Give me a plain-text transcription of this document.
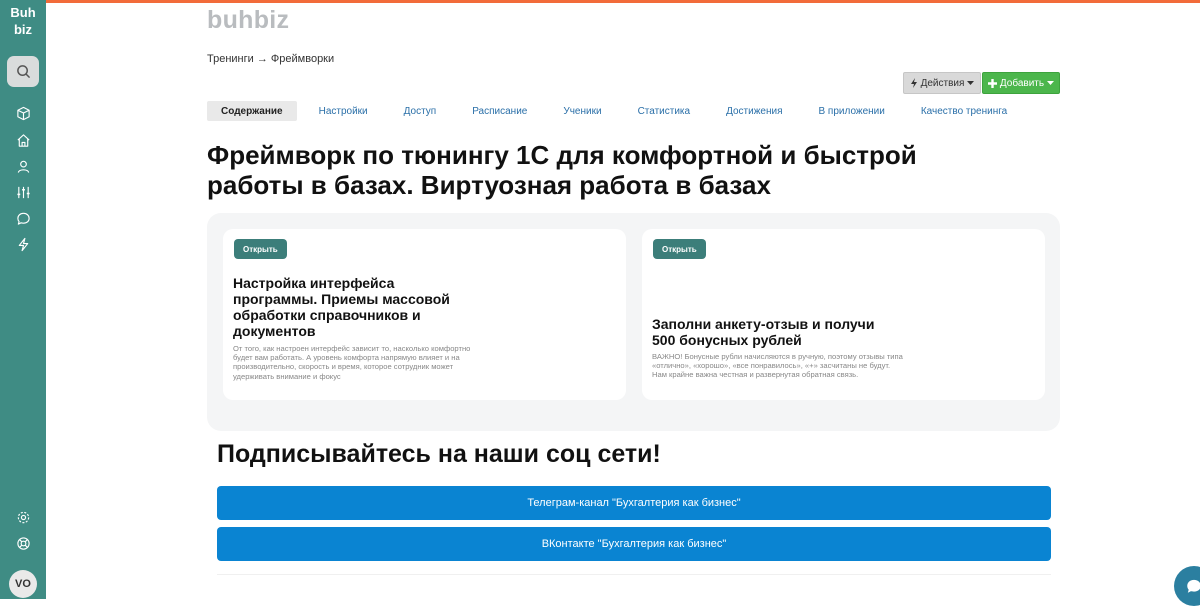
Buh
biz
VO
buhbiz
Тренинги → Фреймворки
Действия	Добавить
Содержание	Настройки	Доступ	Расписание	Ученики	Статистика	Достижения	В приложении	Качество тренинга
Фреймворк по тюнингу 1С для комфортной и быстрой работы в базах. Виртуозная работа в базах
Открыть
Настройка интерфейса программы. Приемы массовой обработки справочников и документов
От того, как настроен интерфейс зависит то, насколько комфортно будет вам работать. А уровень комфорта напрямую влияет и на производительно, скорость и время, которое сотрудник может удерживать внимание и фокус
Открыть
Заполни анкету-отзыв и получи 500 бонусных рублей
ВАЖНО! Бонусные рубли начисляются в ручную, поэтому отзывы типа «отлично», «хорошо», «все понравилось», «+» засчитаны не будут. Нам крайне важна честная и развернутая обратная связь.
Подписывайтесь на наши соц сети!
Телеграм-канал "Бухгалтерия как бизнес"
ВКонтакте "Бухгалтерия как бизнес"
